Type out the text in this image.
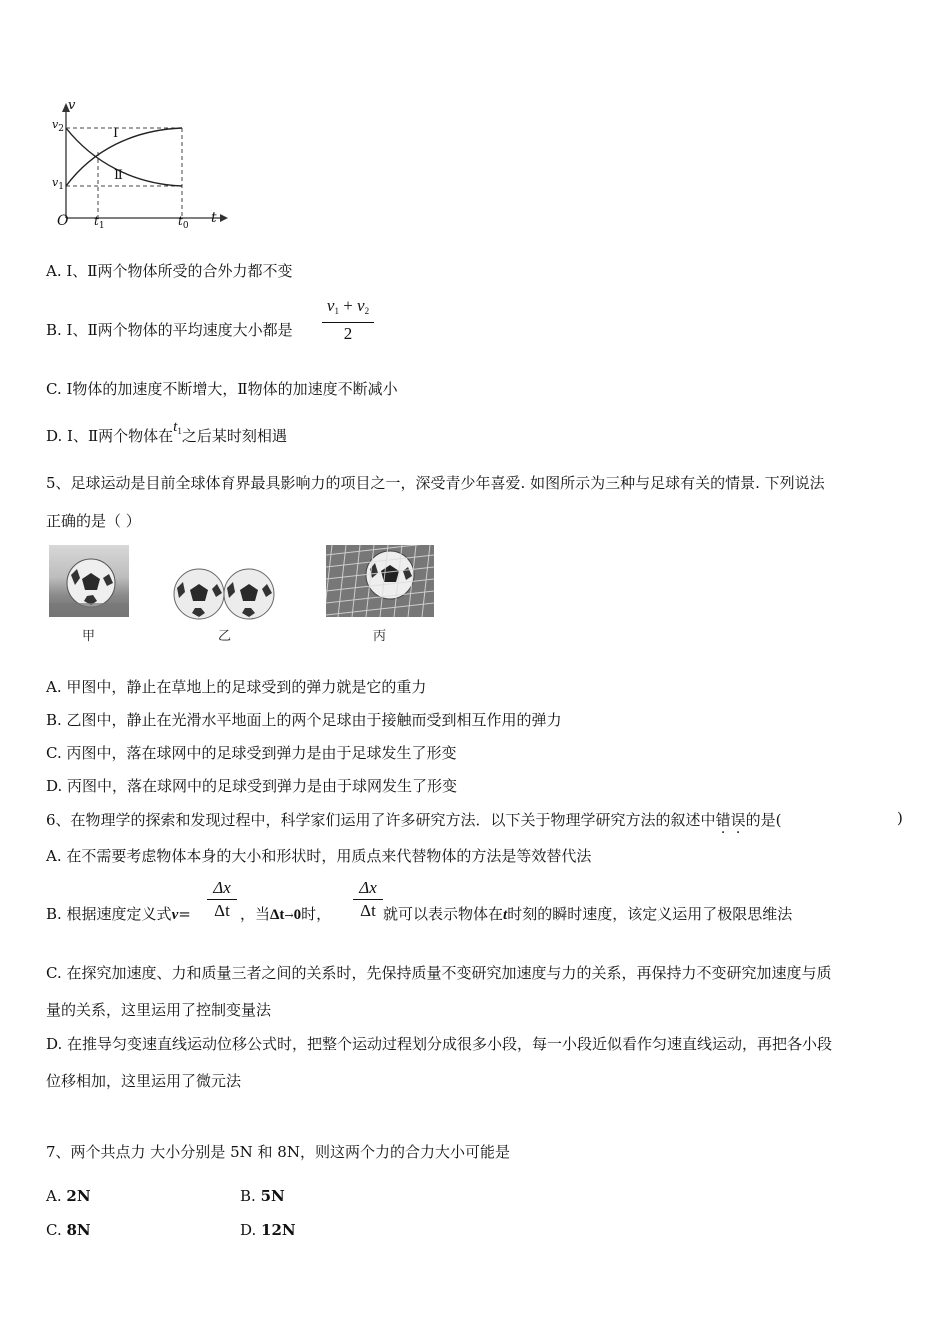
v
$v_2$
$v_1$
O $t_1$	$t_0$ t
Ⅰ
Ⅱ
A. Ⅰ、Ⅱ两个物体所受的合外力都不变
B. Ⅰ、Ⅱ两个物体的平均速度大小都是
$v_1 + v_2$
2
C. Ⅰ物体的加速度不断增大，Ⅱ物体的加速度不断减小
D. Ⅰ、Ⅱ两个物体在$t_1$之后某时刻相遇
5、足球运动是目前全球体育界最具影响力的项目之一，深受青少年喜爱. 如图所示为三种与足球有关的情景. 下列说法
正确的是（ ）
甲	乙	丙
A. 甲图中，静止在草地上的足球受到的弹力就是它的重力
B. 乙图中，静止在光滑水平地面上的两个足球由于接触而受到相互作用的弹力
C. 丙图中，落在球网中的足球受到弹力是由于足球发生了形变
D. 丙图中，落在球网中的足球受到弹力是由于球网发生了形变
6、在物理学的探索和发现过程中，科学家们运用了许多研究方法．以下关于物理学研究方法的叙述中错误的是(	)
A. 在不需要考虑物体本身的大小和形状时，用质点来代替物体的方法是等效替代法
B. 根据速度定义式v=
Δx
Δt ，当Δt→0时，
Δx
Δt 就可以表示物体在t时刻的瞬时速度，该定义运用了极限思维法
C. 在探究加速度、力和质量三者之间的关系时，先保持质量不变研究加速度与力的关系，再保持力不变研究加速度与质
量的关系，这里运用了控制变量法
D. 在推导匀变速直线运动位移公式时，把整个运动过程划分成很多小段，每一小段近似看作匀速直线运动，再把各小段
位移相加，这里运用了微元法
7、两个共点力 大小分别是 5N 和 8N，则这两个力的合力大小可能是
A. 2N	B. 5N
C. 8N	D. 12N
